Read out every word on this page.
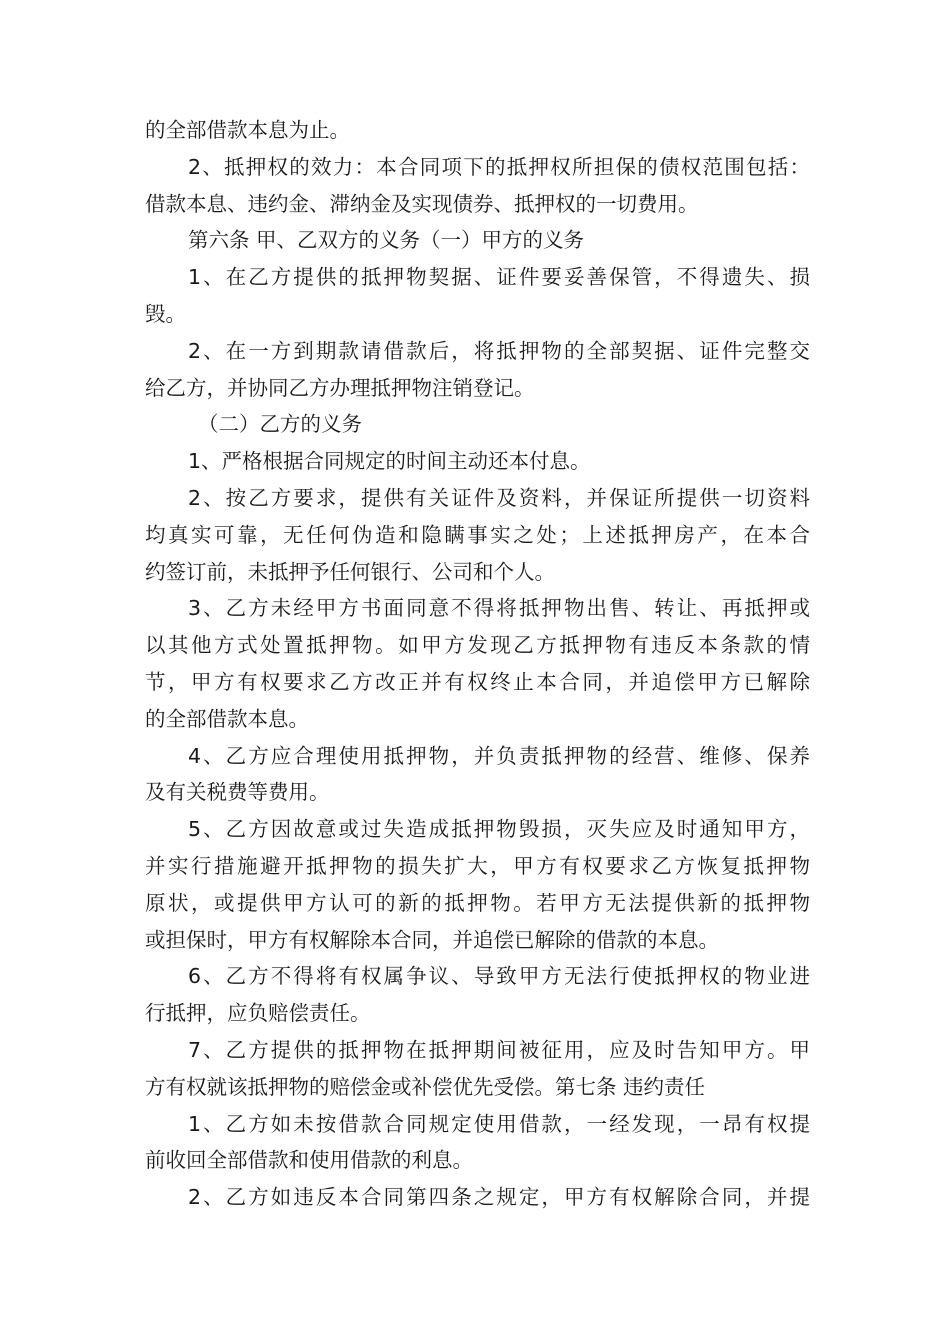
的全部借款本息为止。
2、抵押权的效力：本合同项下的抵押权所担保的债权范围包括：
借款本息、违约金、滞纳金及实现债券、抵押权的一切费用。
第六条 甲、乙双方的义务（一）甲方的义务
1、在乙方提供的抵押物契据、证件要妥善保管，不得遗失、损
毁。
2、在一方到期款请借款后，将抵押物的全部契据、证件完整交
给乙方，并协同乙方办理抵押物注销登记。
（二）乙方的义务
1、严格根据合同规定的时间主动还本付息。
2、按乙方要求，提供有关证件及资料，并保证所提供一切资料
均真实可靠，无任何伪造和隐瞒事实之处；上述抵押房产，在本合
约签订前，未抵押予任何银行、公司和个人。
3、乙方未经甲方书面同意不得将抵押物出售、转让、再抵押或
以其他方式处置抵押物。如甲方发现乙方抵押物有违反本条款的情
节，甲方有权要求乙方改正并有权终止本合同，并追偿甲方已解除
的全部借款本息。
4、乙方应合理使用抵押物，并负责抵押物的经营、维修、保养
及有关税费等费用。
5、乙方因故意或过失造成抵押物毁损，灭失应及时通知甲方，
并实行措施避开抵押物的损失扩大，甲方有权要求乙方恢复抵押物
原状，或提供甲方认可的新的抵押物。若甲方无法提供新的抵押物
或担保时，甲方有权解除本合同，并追偿已解除的借款的本息。
6、乙方不得将有权属争议、导致甲方无法行使抵押权的物业进
行抵押，应负赔偿责任。
7、乙方提供的抵押物在抵押期间被征用，应及时告知甲方。甲
方有权就该抵押物的赔偿金或补偿优先受偿。第七条 违约责任
1、乙方如未按借款合同规定使用借款，一经发现，一昂有权提
前收回全部借款和使用借款的利息。
2、乙方如违反本合同第四条之规定，甲方有权解除合同，并提
